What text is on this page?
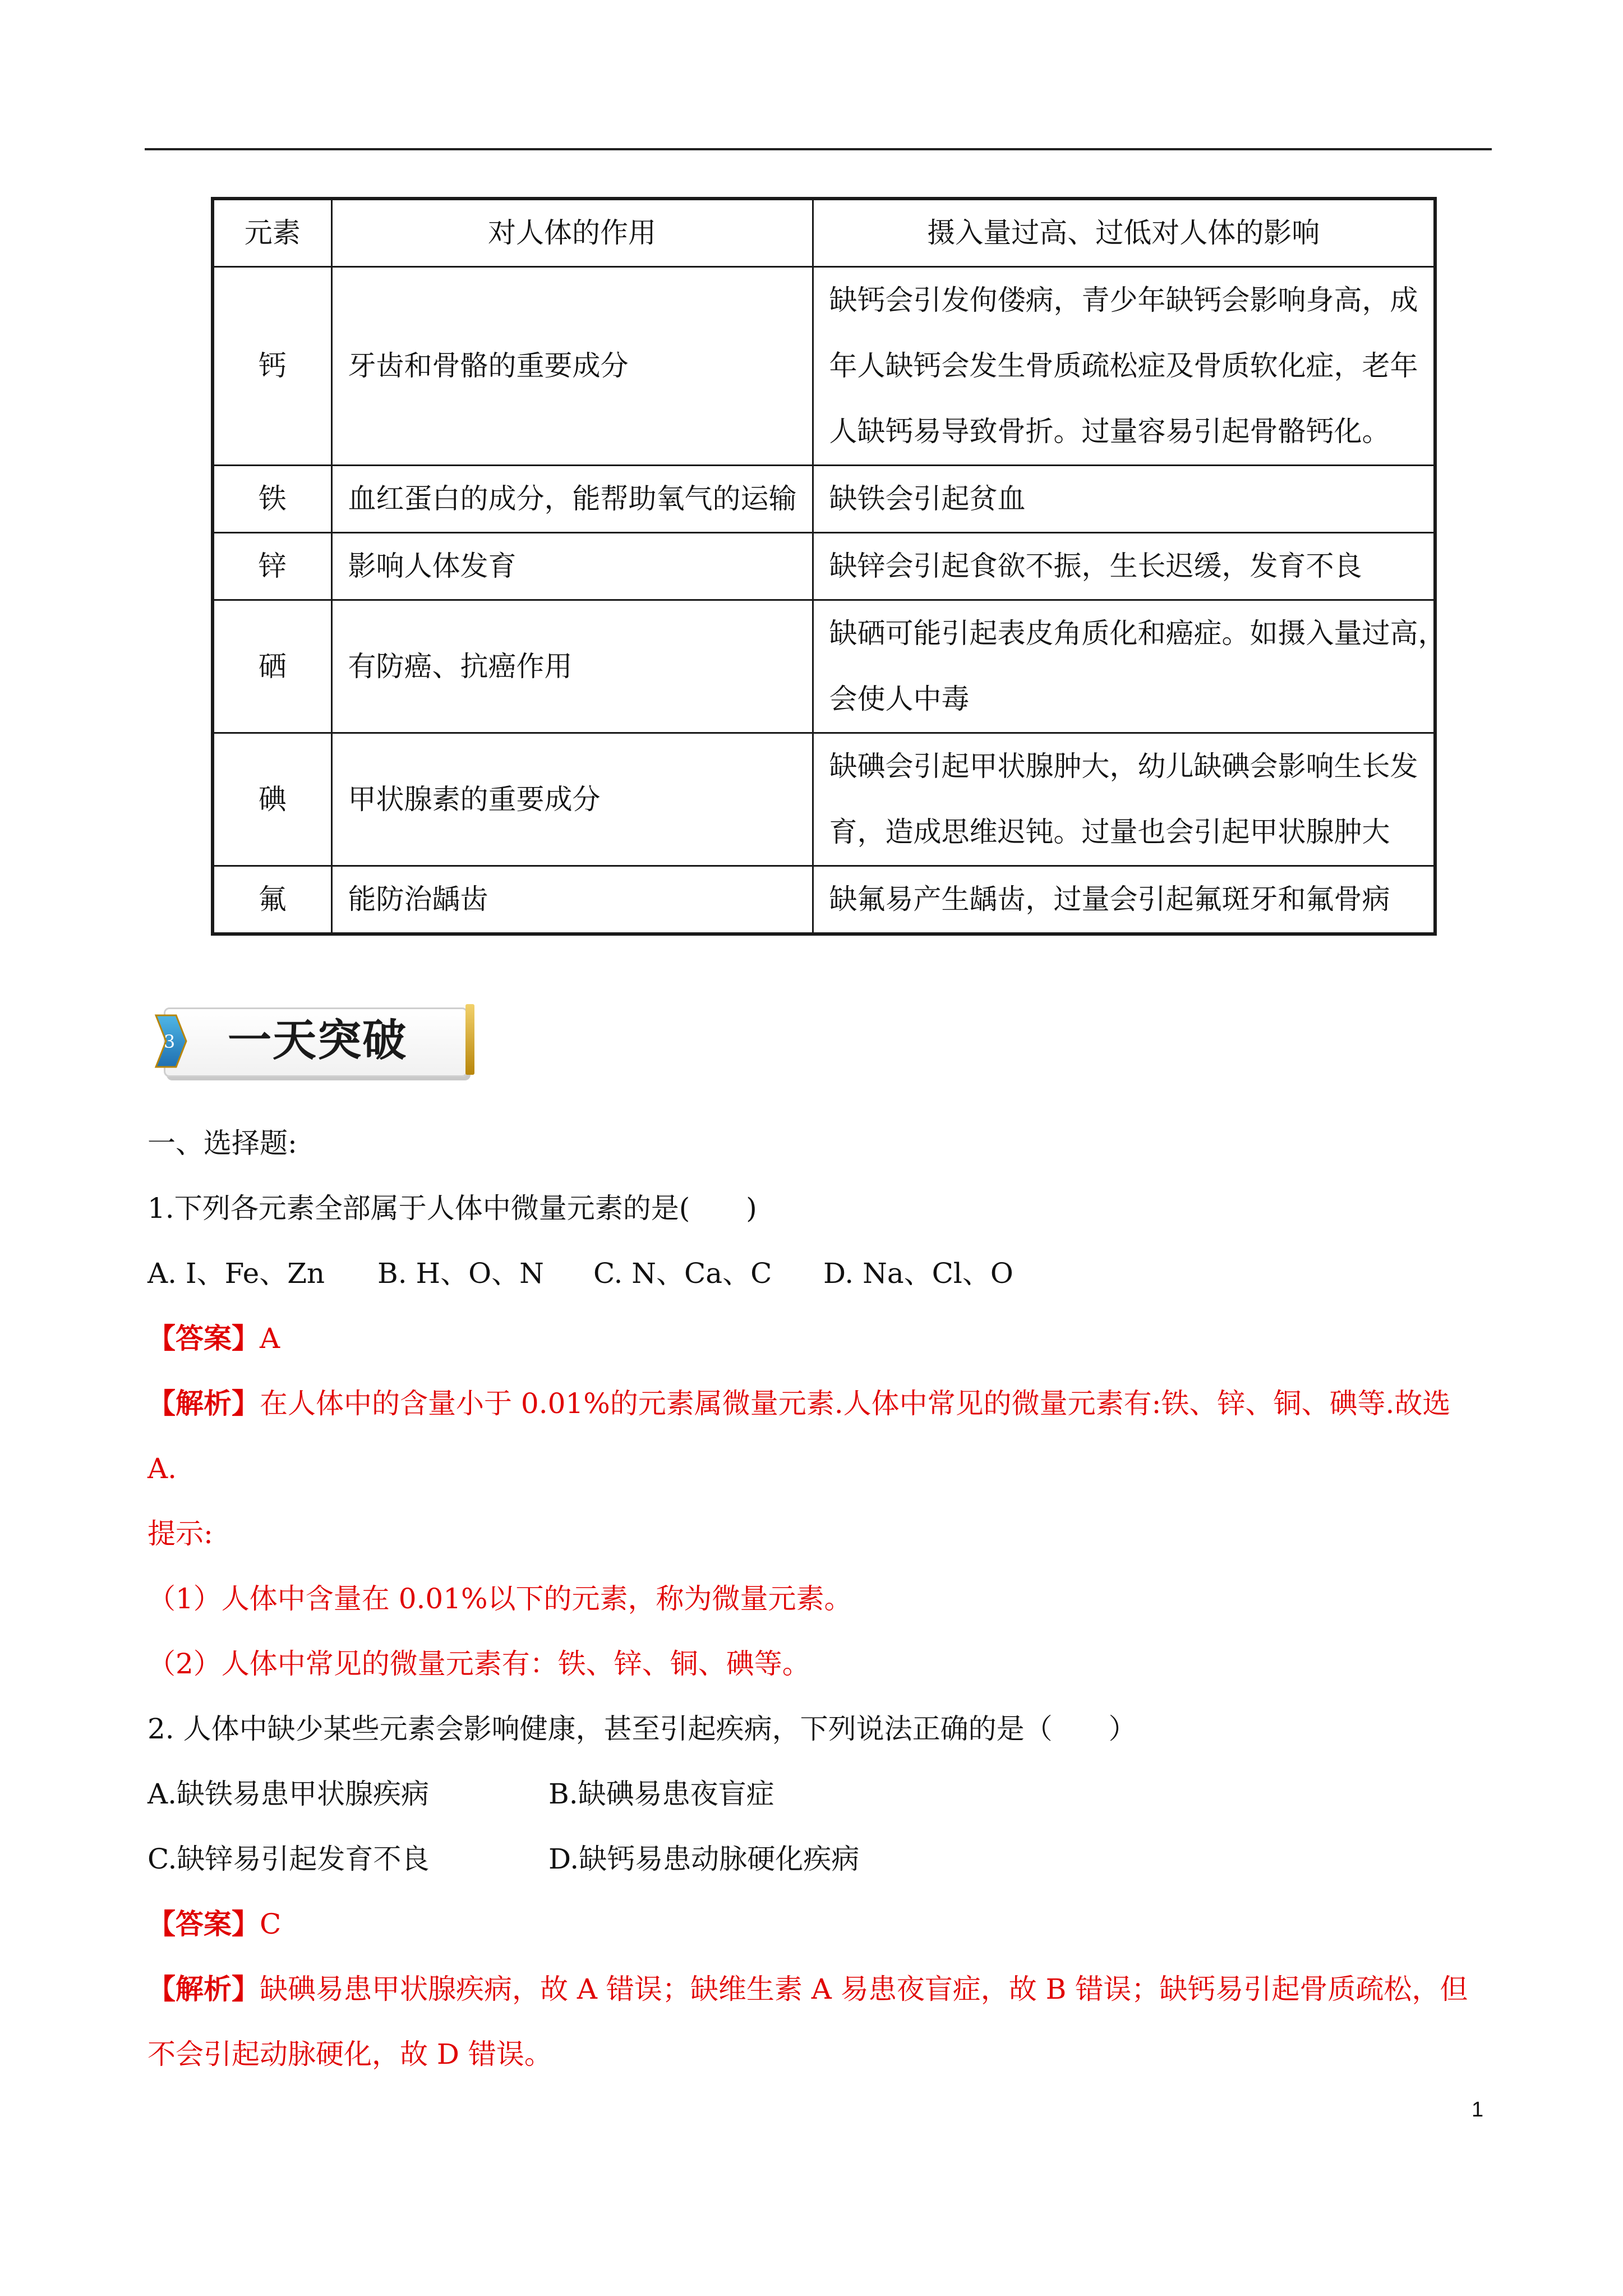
元素	对人体的作用	摄入量过高、过低对人体的影响
钙	牙齿和骨骼的重要成分	缺钙会引发佝偻病，青少年缺钙会影响身高，成
年人缺钙会发生骨质疏松症及骨质软化症，老年
人缺钙易导致骨折。过量容易引起骨骼钙化。

铁	血红蛋白的成分，能帮助氧气的运输	缺铁会引起贫血

锌	影响人体发育	缺锌会引起食欲不振，生长迟缓，发育不良

硒	有防癌、抗癌作用	缺硒可能引起表皮角质化和癌症。如摄入量过高，
会使人中毒

碘	甲状腺素的重要成分	缺碘会引起甲状腺肿大，幼儿缺碘会影响生长发
育，造成思维迟钝。过量也会引起甲状腺肿大

氟	能防治龋齿	缺氟易产生龋齿，过量会引起氟斑牙和氟骨病
3 一天突破
一、选择题:
1.下列各元素全部属于人体中微量元素的是(　　)
A. I、Fe、Zn B. H、O、N C. N、Ca、C D. Na、Cl、O
【答案】A
【解析】在人体中的含量小于 0.01%的元素属微量元素.人体中常见的微量元素有:铁、锌、铜、碘等.故选
A.
提示:
（1）人体中含量在 0.01%以下的元素，称为微量元素。
（2）人体中常见的微量元素有：铁、锌、铜、碘等。
2. 人体中缺少某些元素会影响健康，甚至引起疾病，下列说法正确的是（　　）
A.缺铁易患甲状腺疾病	B.缺碘易患夜盲症
C.缺锌易引起发育不良	D.缺钙易患动脉硬化疾病
【答案】C
【解析】缺碘易患甲状腺疾病，故 A 错误；缺维生素 A 易患夜盲症，故 B 错误；缺钙易引起骨质疏松，但
不会引起动脉硬化，故 D 错误。
1
